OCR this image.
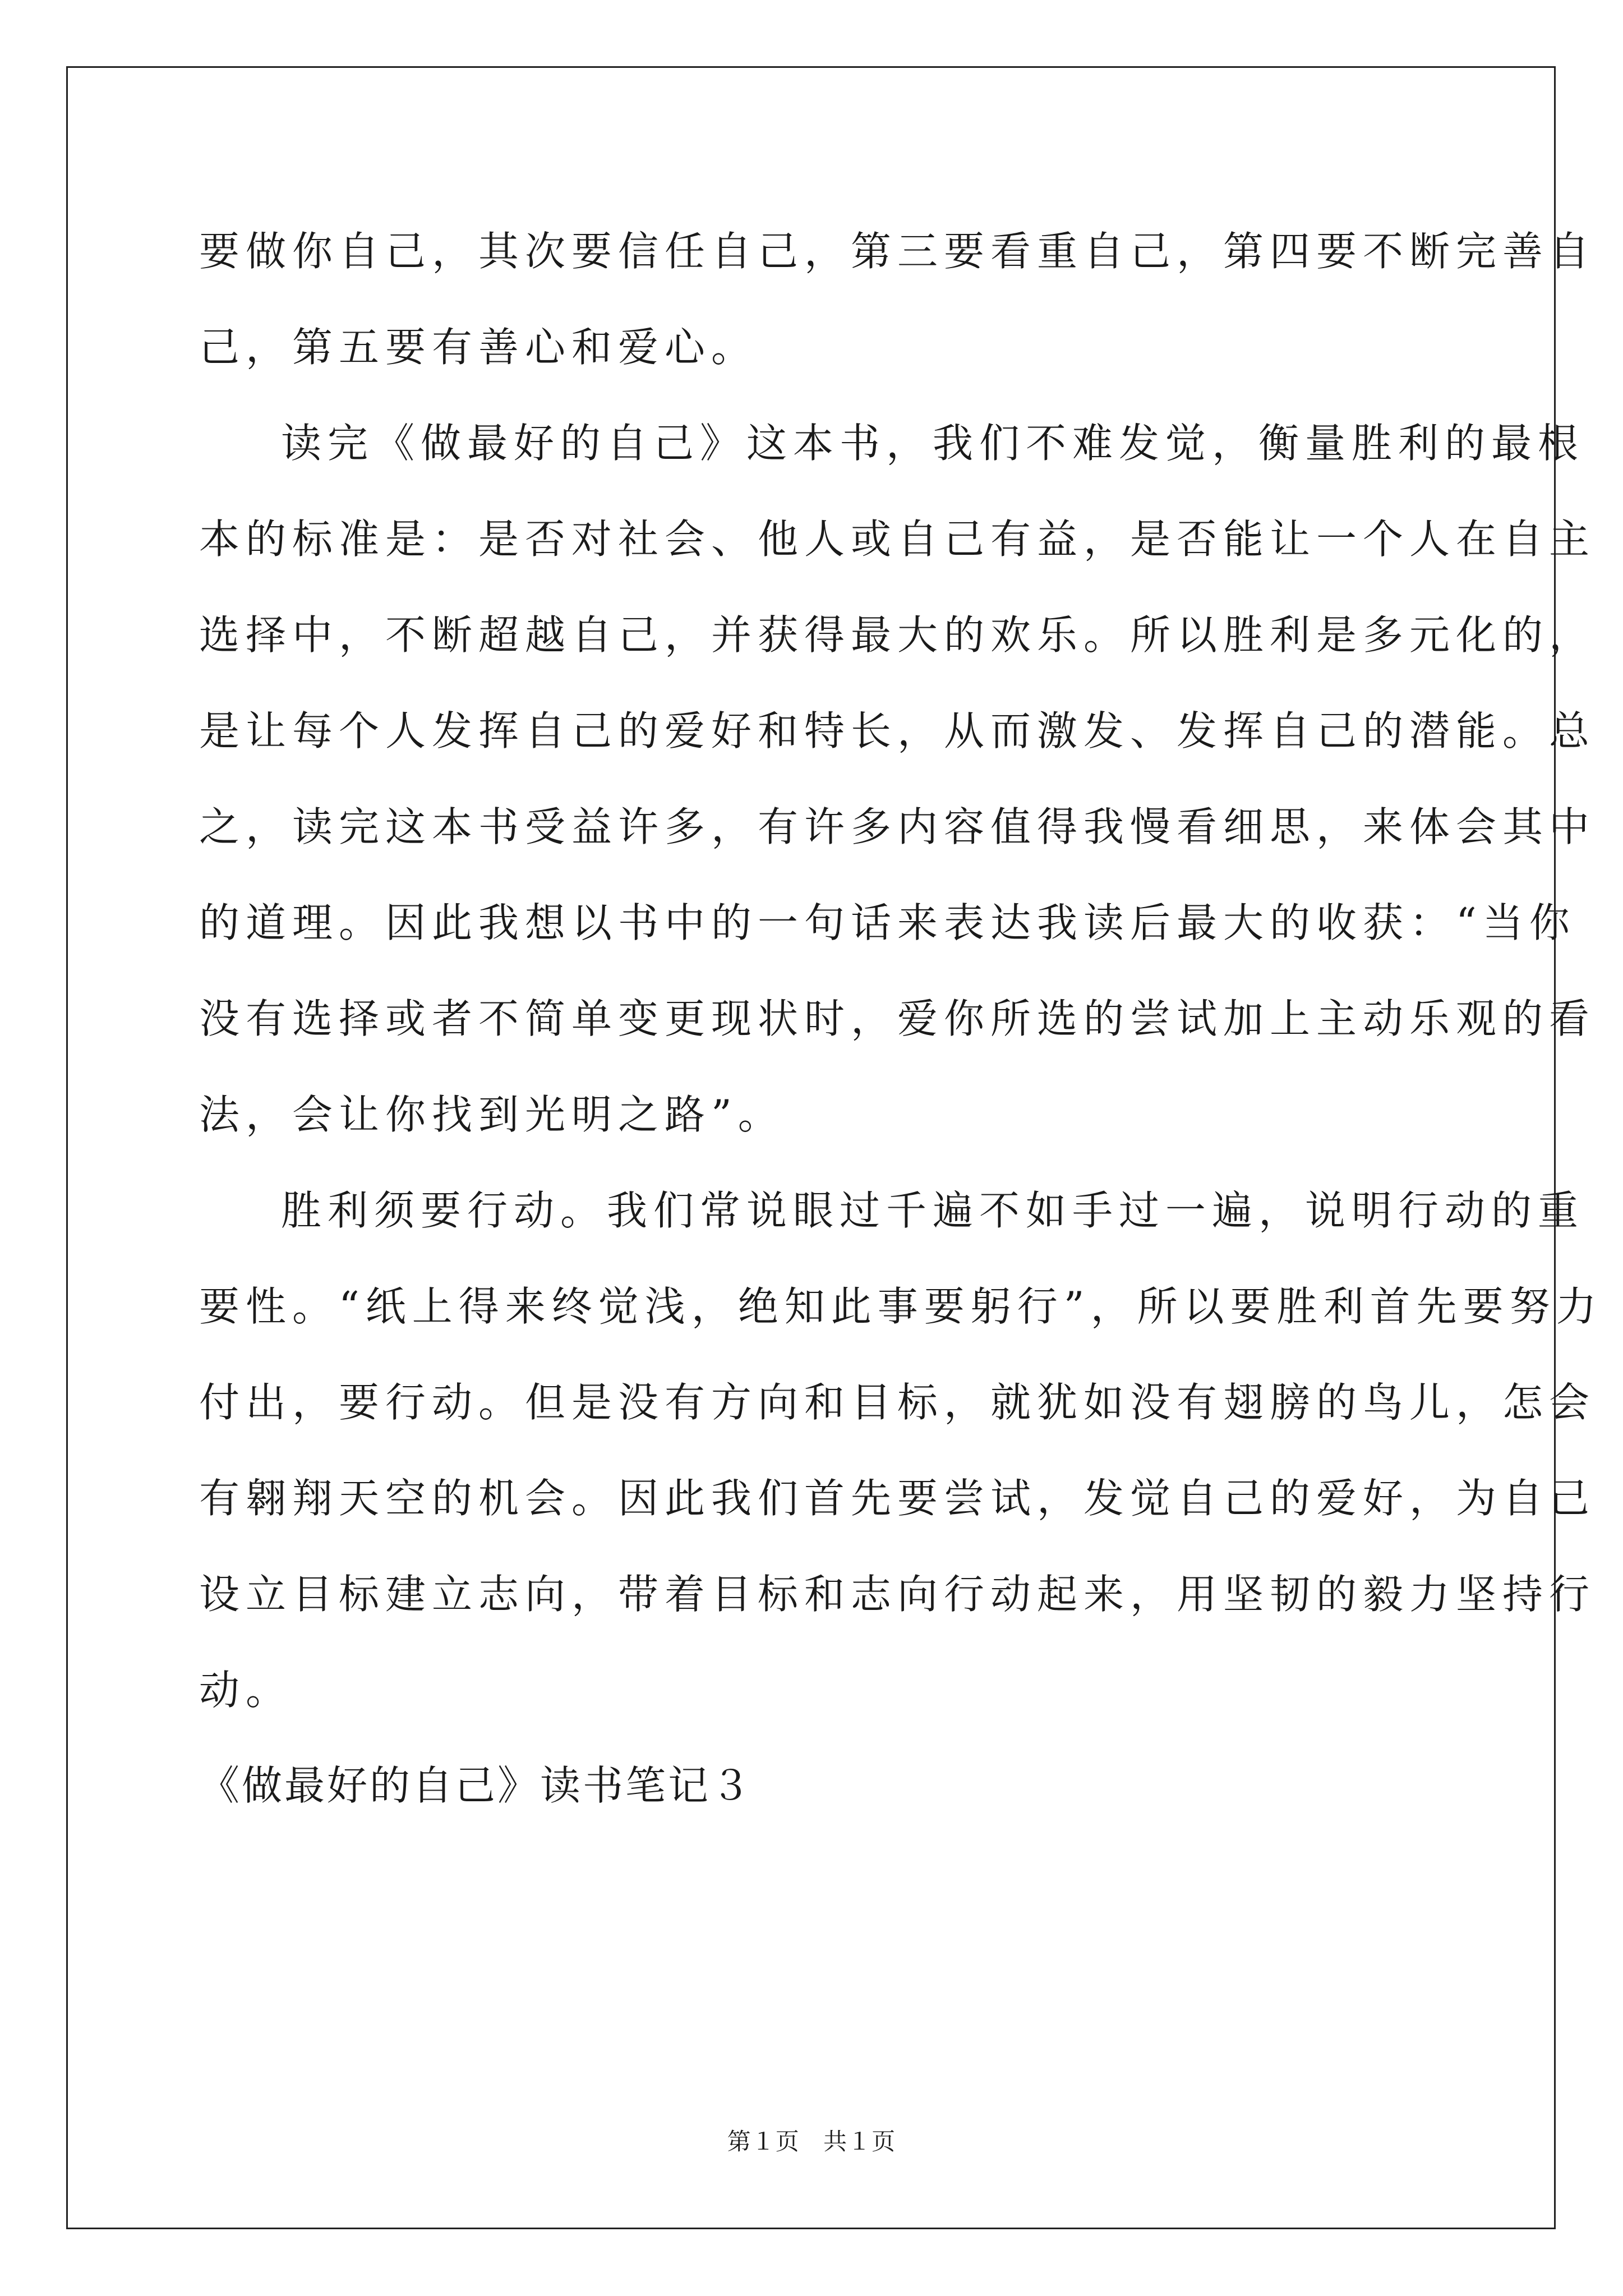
要做你自己，其次要信任自己，第三要看重自己，第四要不断完善自
己，第五要有善心和爱心。
读完《做最好的自己》这本书，我们不难发觉，衡量胜利的最根
本的标准是：是否对社会、他人或自己有益，是否能让一个人在自主
选择中，不断超越自己，并获得最大的欢乐。所以胜利是多元化的，
是让每个人发挥自己的爱好和特长，从而激发、发挥自己的潜能。总
之，读完这本书受益许多，有许多内容值得我慢看细思，来体会其中
的道理。因此我想以书中的一句话来表达我读后最大的收获：“当你
没有选择或者不简单变更现状时，爱你所选的尝试加上主动乐观的看
法，会让你找到光明之路”。
胜利须要行动。我们常说眼过千遍不如手过一遍，说明行动的重
要性。“纸上得来终觉浅，绝知此事要躬行”，所以要胜利首先要努力
付出，要行动。但是没有方向和目标，就犹如没有翅膀的鸟儿，怎会
有翱翔天空的机会。因此我们首先要尝试，发觉自己的爱好，为自己
设立目标建立志向，带着目标和志向行动起来，用坚韧的毅力坚持行
动。
《做最好的自己》读书笔记３
第１页 共１页
